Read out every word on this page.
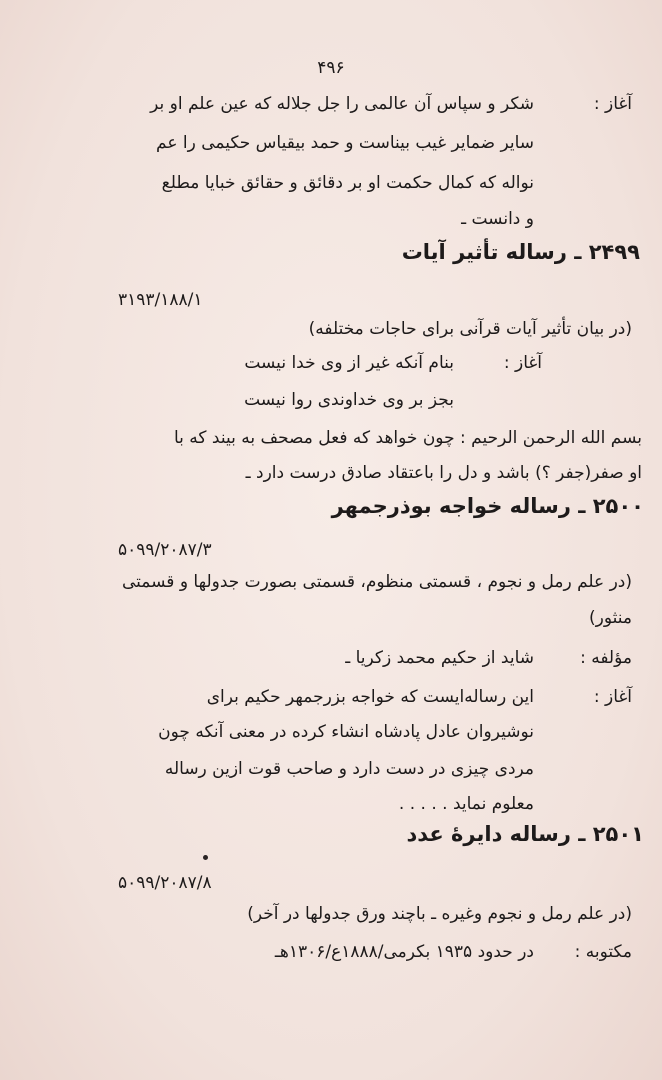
۴۹۶
آغاز :
شکر و سپاس آن عالمی را جل جلاله که عین علم او بر
سایر ضمایر غیب بیناست و حمد بیقیاس حکیمی را عم
نواله که کمال حکمت او بر دقائق و حقائق خبایا مطلع
و دانست ـ
۲۴۹۹ ـ رساله تأثیر آیات
۳۱۹۳/۱۸۸/۱
(در بیان تأثیر آیات قرآنی برای حاجات مختلفه)
آغاز :
بنام آنکه غیر از وی خدا نیست
بجز بر وی خداوندی روا نیست
بسم الله الرحمن الرحیم : چون خواهد که فعل مصحف به بیند که با
او صفر(جفر ؟) باشد و دل را باعتقاد صادق درست دارد ـ
۲۵۰۰ ـ رساله خواجه بوذرجمهر
۵۰۹۹/۲۰۸۷/۳
(در علم رمل و نجوم ، قسمتی منظوم، قسمتی بصورت جدولها و قسمتی
منثور)
مؤلفه :
شاید از حکیم محمد زکریا ـ
آغاز :
این رساله‌ایست که خواجه بزرجمهر حکیم برای
نوشیروان عادل پادشاه انشاء کرده در معنی آنکه چون
مردی چیزی در دست دارد و صاحب قوت ازین رساله
معلوم نماید . . . . .
۲۵۰۱ ـ رساله دایرهٔ عدد
۵۰۹۹/۲۰۸۷/۸
(در علم رمل و نجوم وغیره ـ باچند ورق جدولها در آخر)
مکتوبه :
در حدود ۱۹۳۵ بکرمی/۱۸۸۸ع/۱۳۰۶هـ
